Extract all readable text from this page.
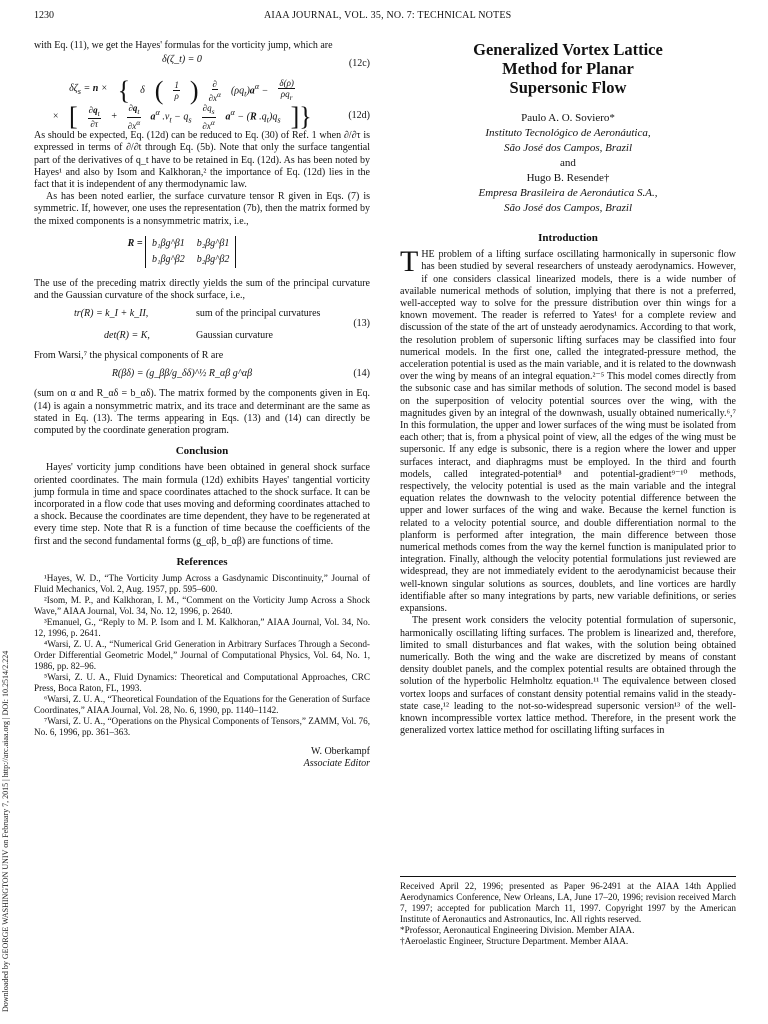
1230	AIAA JOURNAL, VOL. 35, NO. 7: TECHNICAL NOTES
Downloaded by GEORGE WASHINGTON UNIV on February 7, 2015 | http://arc.aiaa.org | DOI: 10.2514/2.224

with Eq. (11), we get the Hayes' formulas for the vorticity jump, which are

δ(ζ_t) = 0	(12c)
$\delta\zeta_s = n$ × { δ ( $\frac{1}{\rho}$ ) $\frac{\partial}{\partial x^\alpha} (\rho q_t)a^\alpha - \frac{\delta(\rho)}{\rho q_r}$
× [ $\frac{\partial q_t}{\partial\tau} + \frac{\partial q_t}{\partial x^\alpha} a^\alpha$ $.v_t - q_s \frac{\partial q_s}{\partial x^\alpha} a^\alpha - (R$ $.q_t)q_s$ ]}	(12d)

As should be expected, Eq. (12d) can be reduced to Eq. (30) of Ref. 1 when ∂/∂τ is expressed in terms of ∂/∂t through Eq. (5b). Note that only the surface tangential part of the derivatives of q_t have to be retained in Eq. (12d). As has been noted by Hayes¹ and also by Isom and Kalkhoran,² the importance of Eq. (12d) lies in the fact that it is independent of any thermodynamic law.

As has been noted earlier, the surface curvature tensor R given in Eqs. (7) is symmetric. If, however, one uses the representation (7b), then the matrix formed by the mixed components is a nonsymmetric matrix, i.e.,

R = b₁βg^β1 b₂βg^β1
b₁βg^β2 b₂βg^β2

The use of the preceding matrix directly yields the sum of the principal curvature and the Gaussian curvature of the shock surface, i.e.,

tr(R) = k_I + k_II,	sum of the principal curvatures
det(R) = K,	Gaussian curvature
(13)

From Warsi,⁷ the physical components of R are

R(βδ) = (g_ββ/g_δδ)^½ R_αβ g^αβ	(14)

(sum on α and R_αδ = b_αδ). The matrix formed by the components given in Eq. (14) is again a nonsymmetric matrix, and its trace and determinant are the same as stated in Eq. (13). The terms appearing in Eqs. (13) and (14) can directly be computed by the coordinate generation program.

Conclusion

Hayes' vorticity jump conditions have been obtained in general shock surface oriented coordinates. The main formula (12d) exhibits Hayes' tangential vorticity jump formula in time and space coordinates attached to the shock surface. It can be incorporated in a flow code that uses moving and deforming coordinates attached to a shock. Because the coordinates are time dependent, they have to be regenerated at every time step. Note that R is a function of time because the coefficients of the first and the second fundamental forms (g_αβ, b_αβ) are functions of time.

References

¹Hayes, W. D., “The Vorticity Jump Across a Gasdynamic Discontinuity,” Journal of Fluid Mechanics, Vol. 2, Aug. 1957, pp. 595–600.

²Isom, M. P., and Kalkhoran, I. M., “Comment on the Vorticity Jump Across a Shock Wave,” AIAA Journal, Vol. 34, No. 12, 1996, p. 2640.

³Emanuel, G., “Reply to M. P. Isom and I. M. Kalkhoran,” AIAA Journal, Vol. 34, No. 12, 1996, p. 2641.

⁴Warsi, Z. U. A., “Numerical Grid Generation in Arbitrary Surfaces Through a Second-Order Differential Geometric Model,” Journal of Computational Physics, Vol. 64, No. 1, 1986, pp. 82–96.

⁵Warsi, Z. U. A., Fluid Dynamics: Theoretical and Computational Approaches, CRC Press, Boca Raton, FL, 1993.

⁶Warsi, Z. U. A., “Theoretical Foundation of the Equations for the Generation of Surface Coordinates,” AIAA Journal, Vol. 28, No. 6, 1990, pp. 1140–1142.

⁷Warsi, Z. U. A., “Operations on the Physical Components of Tensors,” ZAMM, Vol. 76, No. 6, 1996, pp. 361–363.

W. Oberkampf
Associate Editor
Generalized Vortex Lattice
Method for Planar
Supersonic Flow
Paulo A. O. Soviero*
Instituto Tecnológico de Aeronáutica,
São José dos Campos, Brazil
and
Hugo B. Resende†
Empresa Brasileira de Aeronáutica S.A.,
São José dos Campos, Brazil
Introduction

THE problem of a lifting surface oscillating harmonically in supersonic flow has been studied by several researchers of unsteady aerodynamics. However, if one considers classical linearized models, there is a wide number of available numerical methods of solution, implying that there is not a preferred, well-accepted way to solve for the pressure distribution over thin wings for a known movement. The reader is referred to Yates¹ for a complete review and discussion of the state of the art of unsteady aerodynamics. According to that work, the resolution problem of supersonic lifting surfaces may be classified into four numerical models. In the first one, called the integrated-pressure method, the acceleration potential is used as the main variable, and it is related to the downwash over the wing by means of an integral equation.²⁻⁵ This model comes directly from the subsonic case and has similar methods of solution. The second model is based on the superposition of velocity potential sources over the wing, with the magnitudes given by an integral of the downwash, usually obtained numerically.⁶,⁷ In this formulation, the upper and lower surfaces of the wing must be isolated from each other; that is, from a physical point of view, all the edges of the wing must be supersonic. If any edge is subsonic, there is a region where the lower and upper surfaces interact, and diaphragms must be employed. In the third and fourth models, called integrated-potential⁸ and potential-gradient⁹⁻¹⁰ methods, respectively, the velocity potential is used as the main variable and the integral equation relates the downwash to the velocity potential difference between the upper and lower surfaces of the wing and wake. Because the kernel function is related to a velocity potential source, and double differentiation normal to the planform is performed after integration, the main difference between those numerical methods comes from the way the kernel function is manipulated prior to integration. Finally, although the velocity potential formulations just reviewed are widespread, they are not immediately evident to the aerodynamicist because their well-known singular solutions as sources, doublets, and line vortices are hardly identifiable after so many integrations by parts, new variable definitions, or series expansions.

The present work considers the velocity potential formulation of supersonic, harmonically oscillating lifting surfaces. The problem is linearized and, therefore, limited to small disturbances and flat wakes, with the solution being obtained numerically. Both the wing and the wake are discretized by means of constant density doublet panels, and the complex potential results are obtained through the solution of the hyperbolic Helmholtz equation.¹¹ The equivalence between closed vortex loops and surfaces of constant density potential remains valid in the steady-state case,¹² leading to the not-so-widespread supersonic version¹³ of the well-known incompressible vortex lattice method. Therefore, in the present work the generalized vortex lattice method for oscillating lifting surfaces in

Received April 22, 1996; presented as Paper 96-2491 at the AIAA 14th Applied Aerodynamics Conference, New Orleans, LA, June 17–20, 1996; revision received March 7, 1997; accepted for publication March 11, 1997. Copyright 1997 by the American Institute of Aeronautics and Astronautics, Inc. All rights reserved.

*Professor, Aeronautical Engineering Division. Member AIAA.

†Aeroelastic Engineer, Structure Department. Member AIAA.
